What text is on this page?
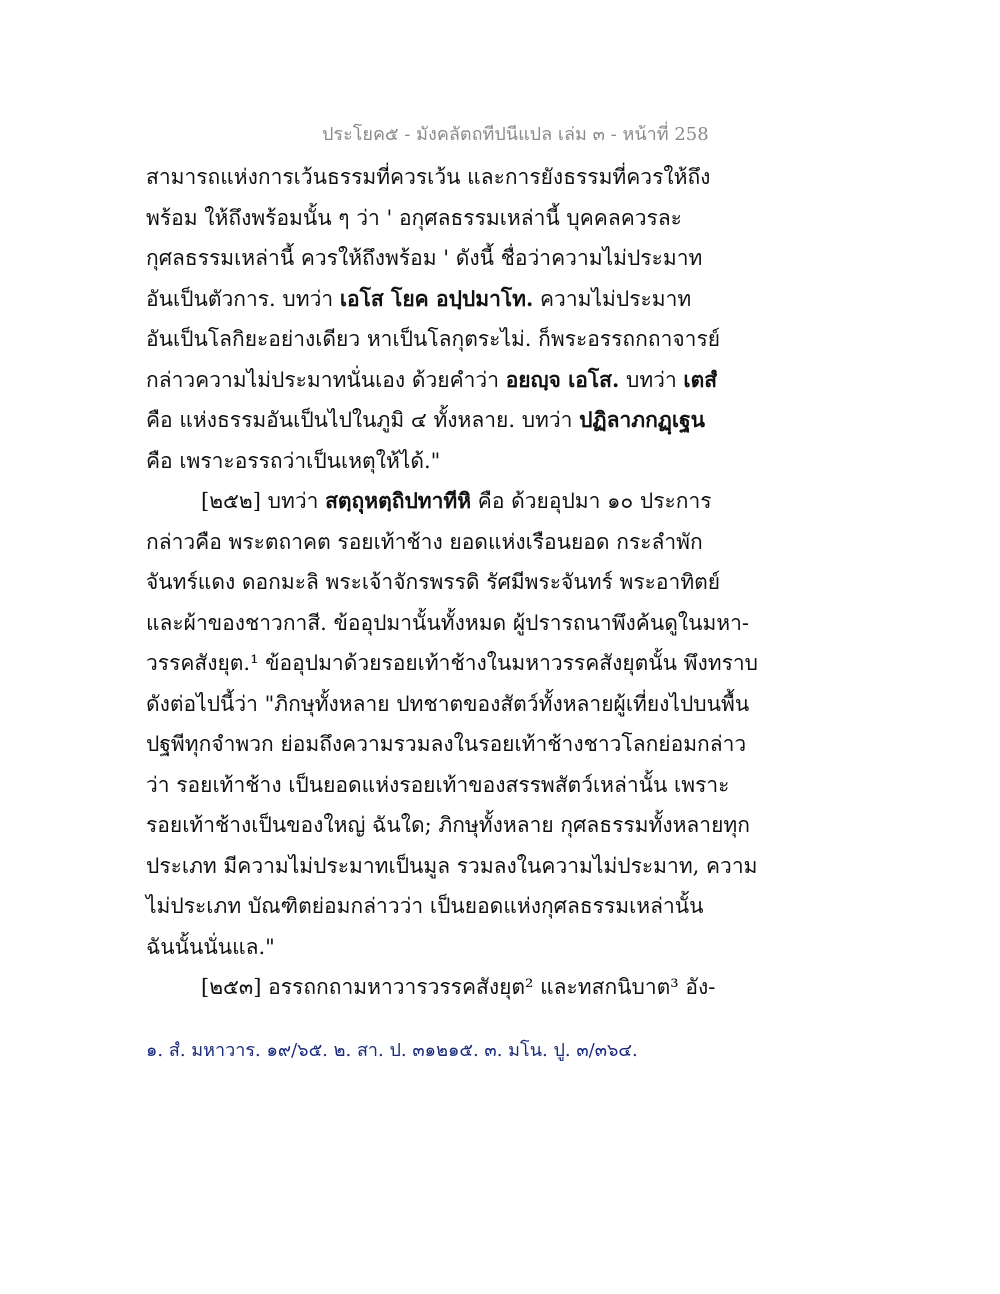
ประโยค๕ - มังคลัตถทีปนีแปล เล่ม ๓ - หน้าที่ 258
สามารถแห่งการเว้นธรรมที่ควรเว้น และการยังธรรมที่ควรให้ถึง
พร้อม ให้ถึงพร้อมนั้น ๆ ว่า ' อกุศลธรรมเหล่านี้ บุคคลควรละ
กุศลธรรมเหล่านี้ ควรให้ถึงพร้อม ' ดังนี้ ชื่อว่าความไม่ประมาท
อันเป็นตัวการ. บทว่า เอโส โยค อปฺปมาโท. ความไม่ประมาท
อันเป็นโลกิยะอย่างเดียว หาเป็นโลกุตระไม่. ก็พระอรรถกถาจารย์
กล่าวความไม่ประมาทนั่นเอง ด้วยคำว่า อยญฺจ เอโส. บทว่า เตสํ
คือ แห่งธรรมอันเป็นไปในภูมิ ๔ ทั้งหลาย. บทว่า ปฏิลาภกฏฺเฐน
คือ เพราะอรรถว่าเป็นเหตุให้ได้."
[๒๕๒] บทว่า สตฺถุหตฺถิปทาทีหิ คือ ด้วยอุปมา ๑๐ ประการ
กล่าวคือ พระตถาคต รอยเท้าช้าง ยอดแห่งเรือนยอด กระลำพัก
จันทร์แดง ดอกมะลิ พระเจ้าจักรพรรดิ รัศมีพระจันทร์ พระอาทิตย์
และผ้าของชาวกาสี. ข้ออุปมานั้นทั้งหมด ผู้ปรารถนาพึงค้นดูในมหา-
วรรคสังยุต.¹ ข้ออุปมาด้วยรอยเท้าช้างในมหาวรรคสังยุตนั้น พึงทราบ
ดังต่อไปนี้ว่า "ภิกษุทั้งหลาย ปทชาตของสัตว์ทั้งหลายผู้เที่ยงไปบนพื้น
ปฐพีทุกจำพวก ย่อมถึงความรวมลงในรอยเท้าช้างชาวโลกย่อมกล่าว
ว่า รอยเท้าช้าง เป็นยอดแห่งรอยเท้าของสรรพสัตว์เหล่านั้น เพราะ
รอยเท้าช้างเป็นของใหญ่ ฉันใด; ภิกษุทั้งหลาย กุศลธรรมทั้งหลายทุก
ประเภท มีความไม่ประมาทเป็นมูล รวมลงในความไม่ประมาท, ความ
ไม่ประเภท บัณฑิตย่อมกล่าวว่า เป็นยอดแห่งกุศลธรรมเหล่านั้น
ฉันนั้นนั่นแล."
[๒๕๓] อรรถกถามหาวารวรรคสังยุต² และทสกนิบาต³ อัง-
๑. สํ. มหาวาร. ๑๙/๖๕. ๒. สา. ป. ๓๑๒๑๕. ๓. มโน. ปู. ๓/๓๖๔.
